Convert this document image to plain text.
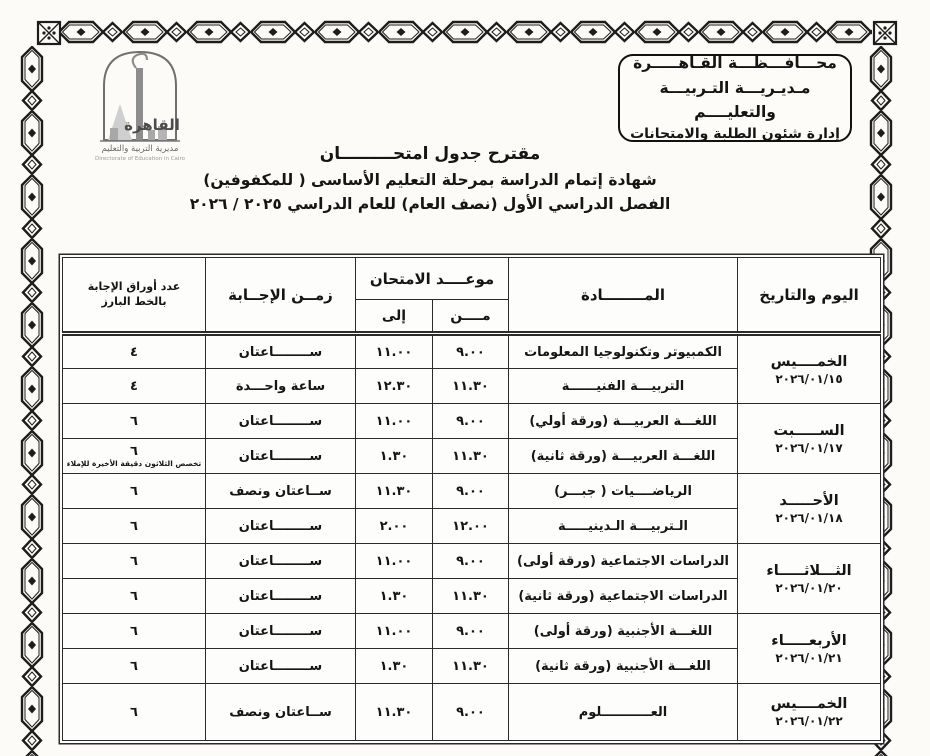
القاهرة
مديرية التربية والتعليم
Directorate of Education in Cairo
محـــافـــظـــة القـاهـــــرة
مـديـريـــة التـربيـــة والتعليــــم
إدارة شئون الطلبة والامتحانات
مقترح جدول امتحـــــــــان
شهادة إتمام الدراسة بمرحلة التعليم الأساسى ( للمكفوفين)
الفصل الدراسي الأول (نصف العام) للعام الدراسي ٢٠٢٥ / ٢٠٢٦
اليوم والتاريخ	المــــــــادة	موعــــد الامتحان		زمــن الإجــابة	عدد أوراق الإجابة
بالخط البارز

		مــــن	إلى		

الخمــــيس
٢٠٢٦/٠١/١٥	الكمبيوتر وتكنولوجيا المعلومات	٩.٠٠	١١.٠٠	ســــــــاعتان	٤
	التربيـــة الفنيــــــة	١١.٣٠	١٢.٣٠	ساعة واحـــدة	٤

الســـــبت
٢٠٢٦/٠١/١٧	اللغـــة العربيـــة (ورقة أولي)	٩.٠٠	١١.٠٠	ســــــــاعتان	٦
	اللغـــة العربيـــة (ورقة ثانية)	١١.٣٠	١.٣٠	ســــــــاعتان	٦
تخصص الثلاثون دقيقة الأخيرة للإملاء

الأحـــــد
٢٠٢٦/٠١/١٨	الرياضــــيات ( جبـــر)	٩.٠٠	١١.٣٠	ســاعتان ونصف	٦
	الـتربيـــة الـدينيـــــة	١٢.٠٠	٢.٠٠	ســــــــاعتان	٦

الثـــلاثـــــاء
٢٠٢٦/٠١/٢٠	الدراسات الاجتماعية (ورقة أولى)	٩.٠٠	١١.٠٠	ســــــــاعتان	٦
	الدراسات الاجتماعية (ورقة ثانية)	١١.٣٠	١.٣٠	ســــــــاعتان	٦

الأربعـــــاء
٢٠٢٦/٠١/٢١	اللغـــة الأجنبية (ورقة أولى)	٩.٠٠	١١.٠٠	ســــــــاعتان	٦
	اللغـــة الأجنبية (ورقة ثانية)	١١.٣٠	١.٣٠	ســــــــاعتان	٦

الخمــــيس
٢٠٢٦/٠١/٢٢	العـــــــــــلوم	٩.٠٠	١١.٣٠	ســاعتان ونصف	٦
